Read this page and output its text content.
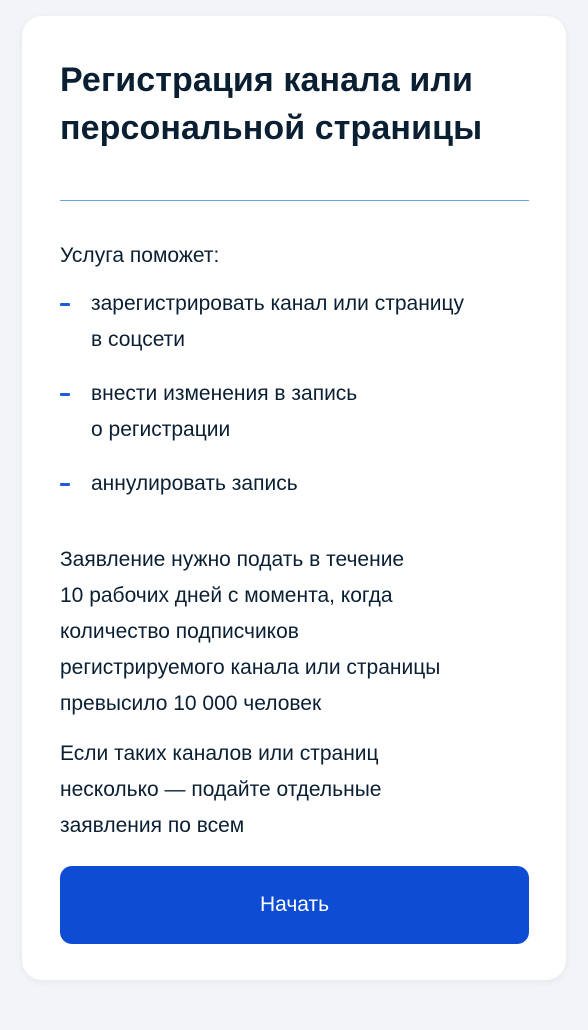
Регистрация канала или персональной страницы
Услуга поможет:
зарегистрировать канал или страницу
в соцсети
внести изменения в запись
о регистрации
аннулировать запись

Заявление нужно подать в течение
10 рабочих дней с момента, когда
количество подписчиков
регистрируемого канала или страницы
превысило 10 000 человек

Если таких каналов или страниц
несколько — подайте отдельные
заявления по всем

Начать
